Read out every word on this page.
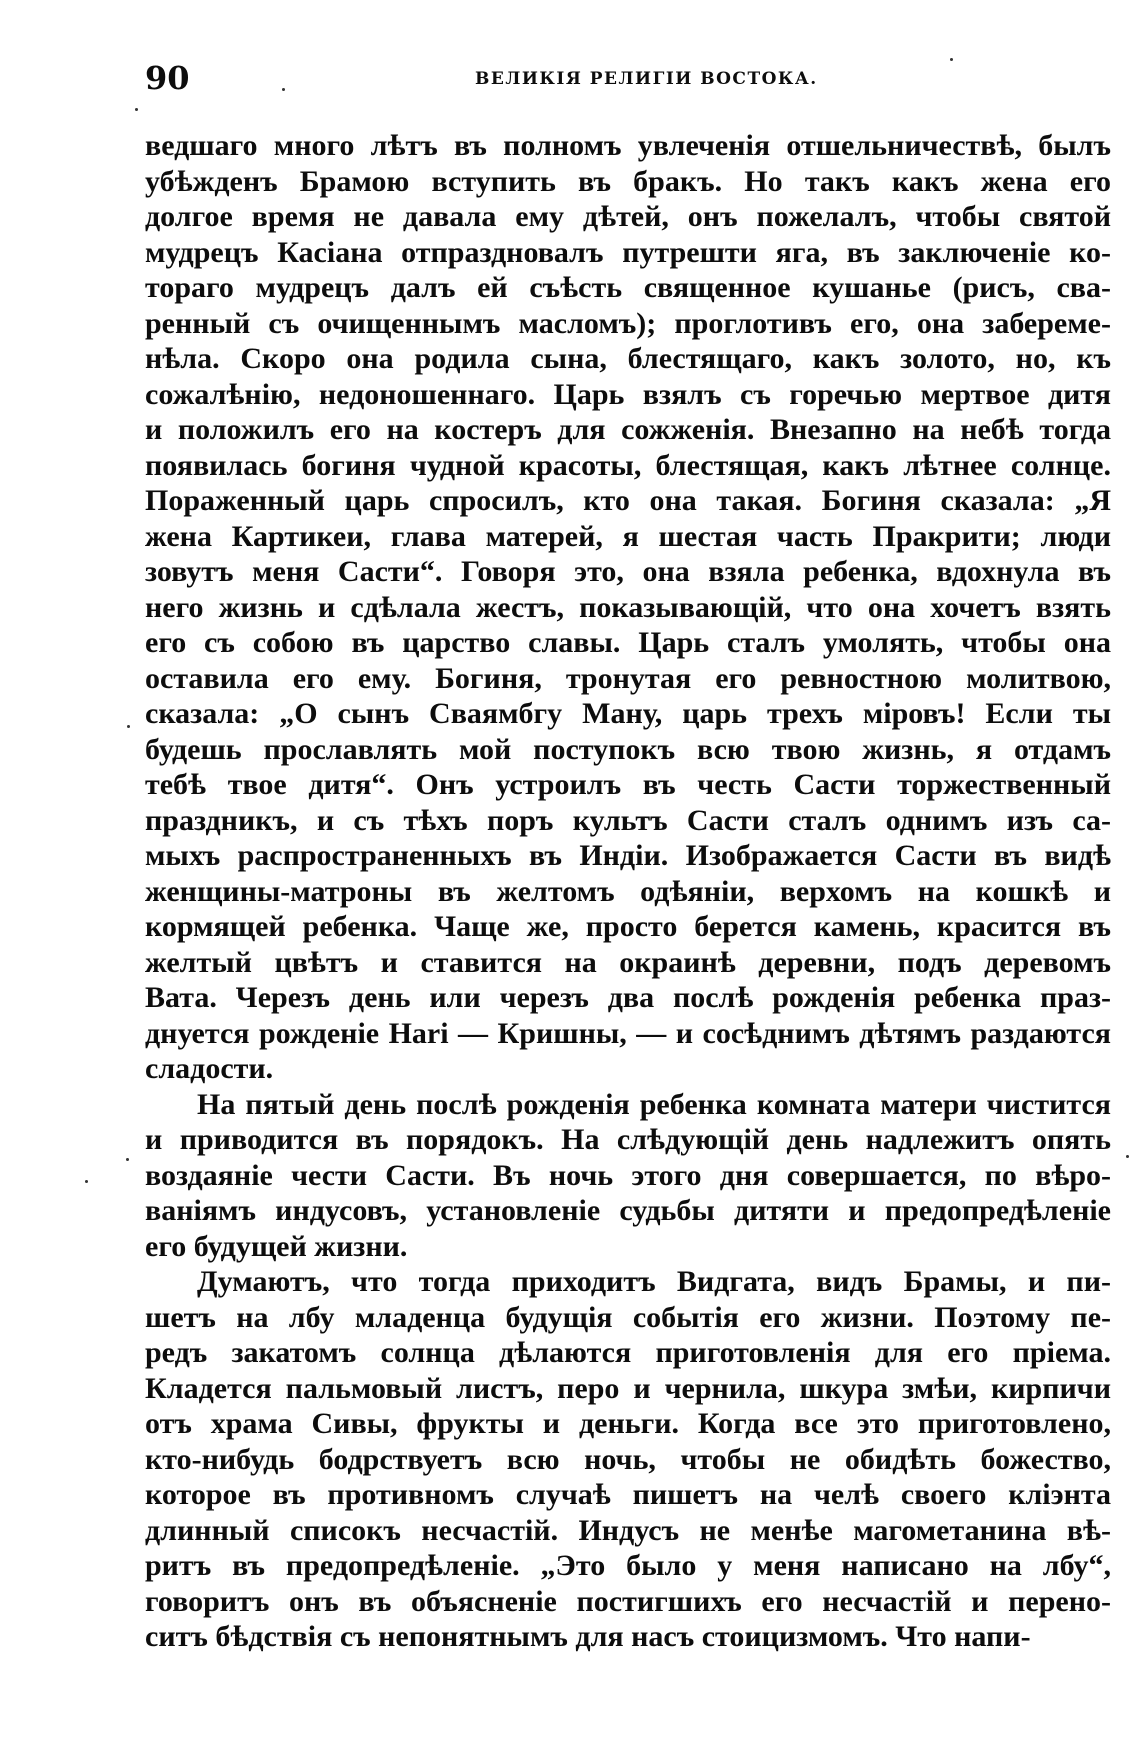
90	ВЕЛИКІЯ РЕЛИГІИ ВОСТОКА.
ведшаго много лѣтъ въ полномъ увлеченія отшельничествѣ, былъ
убѣжденъ Брамою вступить въ бракъ. Но такъ какъ жена его
долгое время не давала ему дѣтей, онъ пожелалъ, чтобы святой
мудрецъ Касіана отпраздновалъ путрешти яга, въ заключеніе ко-
тораго мудрецъ далъ ей съѣсть священное кушанье (рисъ, сва-
ренный съ очищеннымъ масломъ); проглотивъ его, она забереме-
нѣла. Скоро она родила сына, блестящаго, какъ золото, но, къ
сожалѣнію, недоношеннаго. Царь взялъ съ горечью мертвое дитя
и положилъ его на костеръ для сожженія. Внезапно на небѣ тогда
появилась богиня чудной красоты, блестящая, какъ лѣтнее солнце.
Пораженный царь спросилъ, кто она такая. Богиня сказала: „Я
жена Картикеи, глава матерей, я шестая часть Пракрити; люди
зовутъ меня Састи“. Говоря это, она взяла ребенка, вдохнула въ
него жизнь и сдѣлала жестъ, показывающій, что она хочетъ взять
его съ собою въ царство славы. Царь сталъ умолять, чтобы она
оставила его ему. Богиня, тронутая его ревностною молитвою,
сказала: „О сынъ Сваямбгу Ману, царь трехъ міровъ! Если ты
будешь прославлять мой поступокъ всю твою жизнь, я отдамъ
тебѣ твое дитя“. Онъ устроилъ въ честь Састи торжественный
праздникъ, и съ тѣхъ поръ культъ Састи сталъ однимъ изъ са-
мыхъ распространенныхъ въ Индіи. Изображается Састи въ видѣ
женщины-матроны въ желтомъ одѣяніи, верхомъ на кошкѣ и
кормящей ребенка. Чаще же, просто берется камень, красится въ
желтый цвѣтъ и ставится на окраинѣ деревни, подъ деревомъ
Вата. Черезъ день или черезъ два послѣ рожденія ребенка праз-
днуется рожденіе Hari — Кришны, — и сосѣднимъ дѣтямъ раздаются
сладости.
На пятый день послѣ рожденія ребенка комната матери чистится
и приводится въ порядокъ. На слѣдующій день надлежитъ опять
воздаяніе чести Састи. Въ ночь этого дня совершается, по вѣро-
ваніямъ индусовъ, установленіе судьбы дитяти и предопредѣленіе
его будущей жизни.
Думаютъ, что тогда приходитъ Видгата, видъ Брамы, и пи-
шетъ на лбу младенца будущія событія его жизни. Поэтому пе-
редъ закатомъ солнца дѣлаются приготовленія для его пріема.
Кладется пальмовый листъ, перо и чернила, шкура змѣи, кирпичи
отъ храма Сивы, фрукты и деньги. Когда все это приготовлено,
кто-нибудь бодрствуетъ всю ночь, чтобы не обидѣть божество,
которое въ противномъ случаѣ пишетъ на челѣ своего кліэнта
длинный списокъ несчастій. Индусъ не менѣе магометанина вѣ-
ритъ въ предопредѣленіе. „Это было у меня написано на лбу“,
говоритъ онъ въ объясненіе постигшихъ его несчастій и перено-
ситъ бѣдствія съ непонятнымъ для насъ стоицизмомъ. Что напи-
